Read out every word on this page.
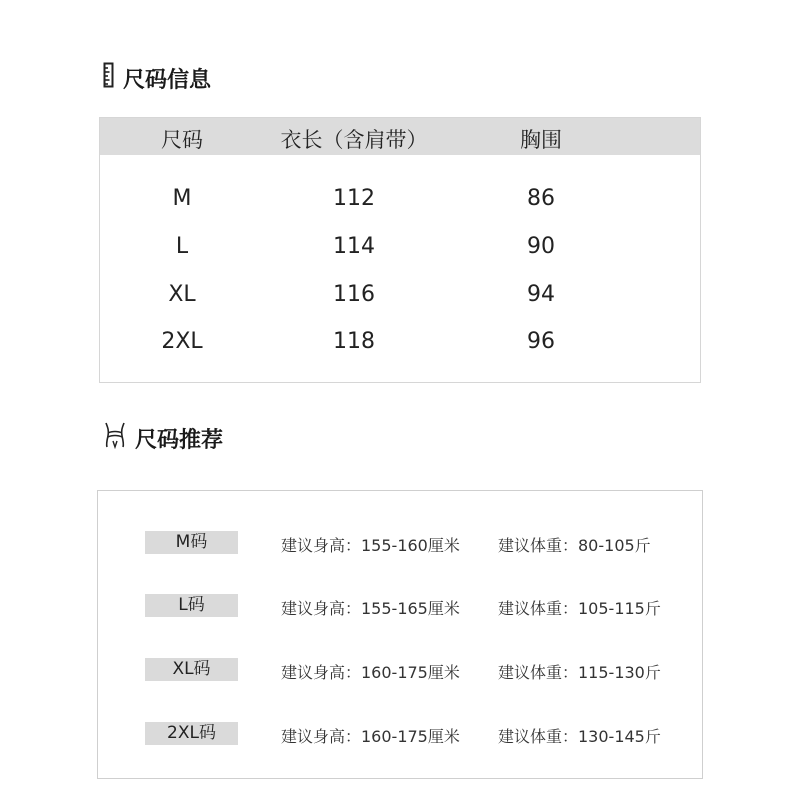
尺码信息
尺码	衣长（含肩带）	胸围
M	112	86
L	114	90
XL	116	94
2XL	118	96
尺码推荐
M码	建议身高：155-160厘米 建议体重：80-105斤
L码	建议身高：155-165厘米 建议体重：105-115斤
XL码	建议身高：160-175厘米 建议体重：115-130斤
2XL码	建议身高：160-175厘米 建议体重：130-145斤
